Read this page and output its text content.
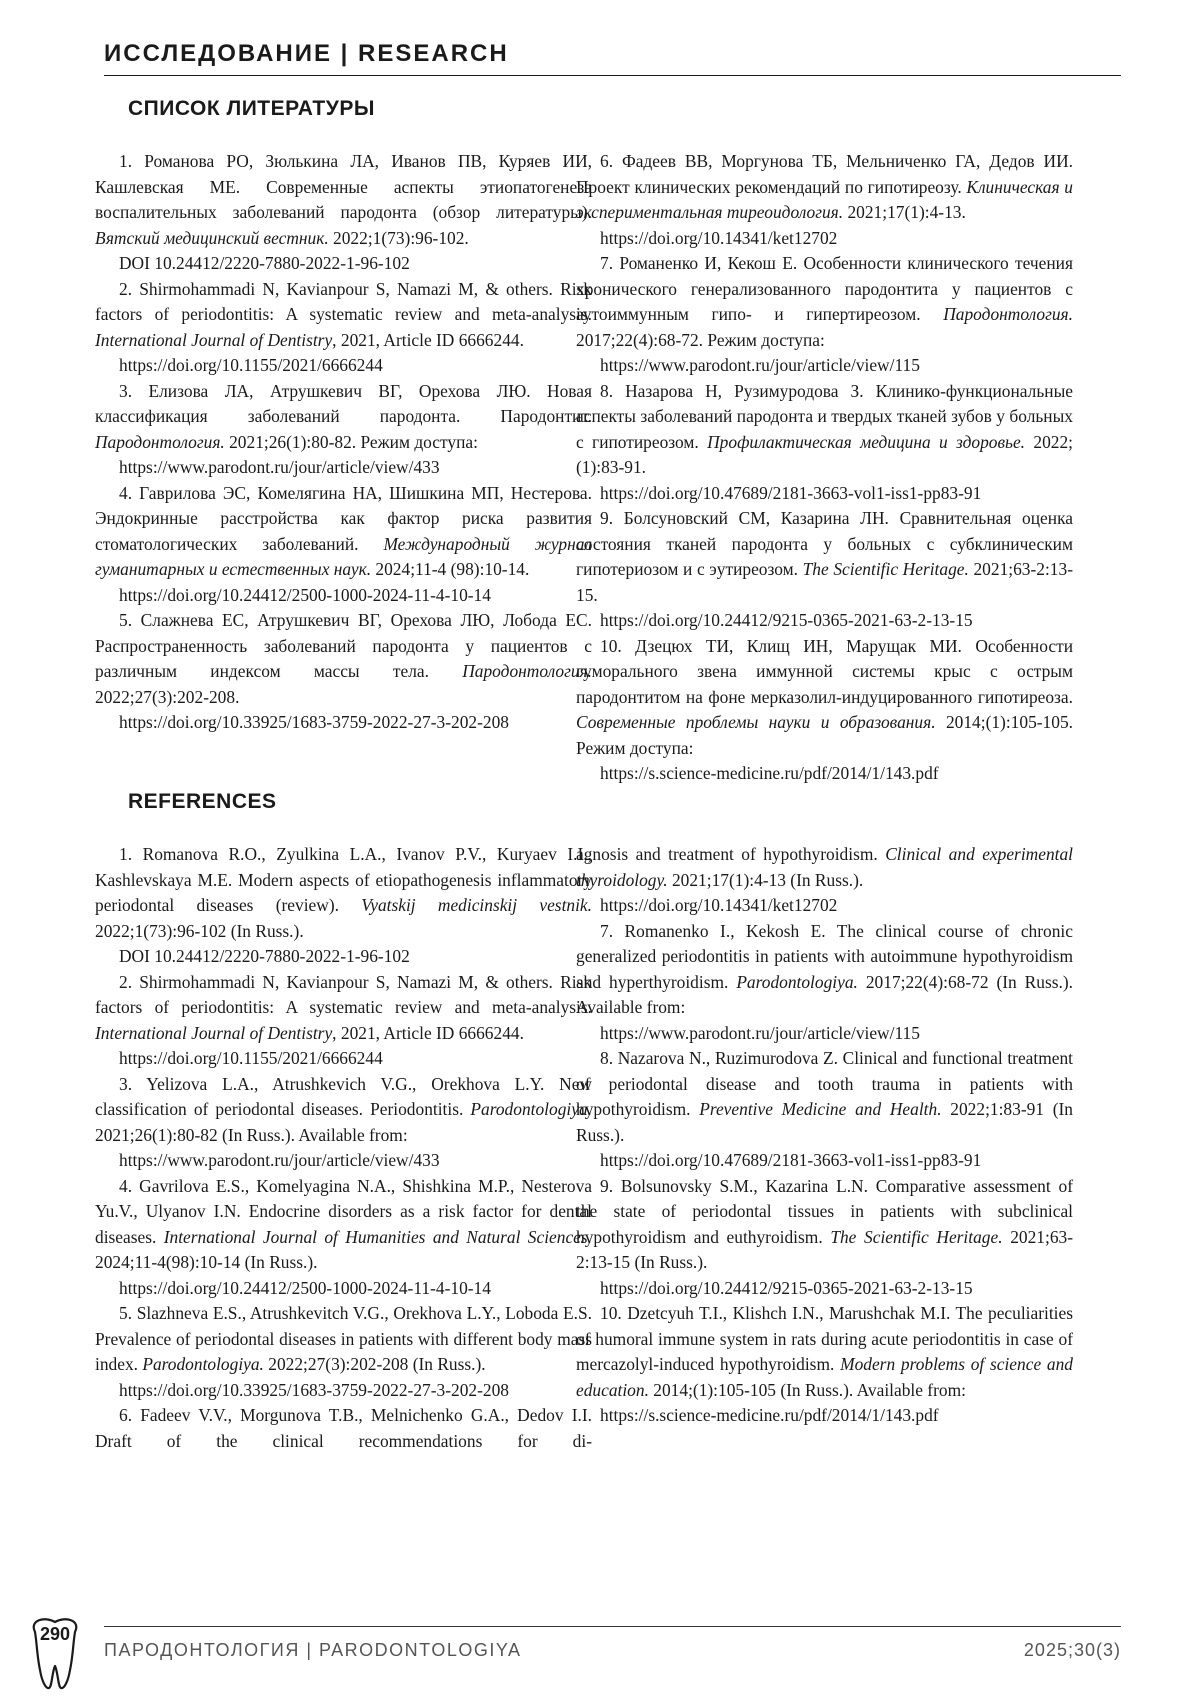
ИССЛЕДОВАНИЕ | RESEARCH
СПИСОК ЛИТЕРАТУРЫ

1. Романова РО, Зюлькина ЛА, Иванов ПВ, Куряев ИИ, Кашлевская МЕ. Современные аспекты этиопатогенеза воспалительных заболеваний пародонта (обзор литературы). Вятский медицинский вестник. 2022;1(73):96-102.

DOI 10.24412/2220-7880-2022-1-96-102

2. Shirmohammadi N, Kavianpour S, Namazi M, & others. Risk factors of periodontitis: A systematic review and meta-analysis. International Journal of Dentistry, 2021, Article ID 6666244.

https://doi.org/10.1155/2021/6666244

3. Елизова ЛА, Атрушкевич ВГ, Орехова ЛЮ. Новая классификация заболеваний пародонта. Пародонтит. Пародонтология. 2021;26(1):80-82. Режим доступа:

https://www.parodont.ru/jour/article/view/433

4. Гаврилова ЭС, Комелягина НА, Шишкина МП, Нестерова. Эндокринные расстройства как фактор риска развития стоматологических заболеваний. Международный журнал гуманитарных и естественных наук. 2024;11-4 (98):10-14.

https://doi.org/10.24412/2500-1000-2024-11-4-10-14

5. Слажнева ЕС, Атрушкевич ВГ, Орехова ЛЮ, Лобода ЕС. Распространенность заболеваний пародонта у пациентов с различным индексом массы тела. Пародонтология. 2022;27(3):202-208.

https://doi.org/10.33925/1683-3759-2022-27-3-202-208

6. Фадеев ВВ, Моргунова ТБ, Мельниченко ГА, Дедов ИИ. Проект клинических рекомендаций по гипотиреозу. Клиническая и экспериментальная тиреоидология. 2021;17(1):4-13.

https://doi.org/10.14341/ket12702

7. Романенко И, Кекош Е. Особенности клинического течения хронического генерализованного пародонтита у пациентов с аутоиммунным гипо- и гипертиреозом. Пародонтология. 2017;22(4):68-72. Режим доступа:

https://www.parodont.ru/jour/article/view/115

8. Назарова Н, Рузимуродова З. Клинико-функциональные аспекты заболеваний пародонта и твердых тканей зубов у больных с гипотиреозом. Профилактическая медицина и здоровье. 2022;(1):83-91.

https://doi.org/10.47689/2181-3663-vol1-iss1-pp83-91

9. Болсуновский СМ, Казарина ЛН. Сравнительная оценка состояния тканей пародонта у больных с субклиническим гипотериозом и с эутиреозом. The Scientific Heritage. 2021;63-2:13-15.

https://doi.org/10.24412/9215-0365-2021-63-2-13-15

10. Дзецюх ТИ, Клищ ИН, Марущак МИ. Особенности гуморального звена иммунной системы крыс с острым пародонтитом на фоне мерказолил-индуцированного гипотиреоза. Современные проблемы науки и образования. 2014;(1):105-105. Режим доступа:

https://s.science-medicine.ru/pdf/2014/1/143.pdf

REFERENCES

1. Romanova R.O., Zyulkina L.A., Ivanov P.V., Kuryaev I.I., Kashlevskaya M.E. Modern aspects of etiopathogenesis inflammatory periodontal diseases (review). Vyatskij medicinskij vestnik. 2022;1(73):96-102 (In Russ.).

DOI 10.24412/2220-7880-2022-1-96-102

2. Shirmohammadi N, Kavianpour S, Namazi M, & others. Risk factors of periodontitis: A systematic review and meta-analysis. International Journal of Dentistry, 2021, Article ID 6666244.

https://doi.org/10.1155/2021/6666244

3. Yelizova L.A., Atrushkevich V.G., Orekhova L.Y. New classification of periodontal diseases. Periodontitis. Parodontologiya. 2021;26(1):80-82 (In Russ.). Available from:

https://www.parodont.ru/jour/article/view/433

4. Gavrilova E.S., Komelyagina N.A., Shishkina M.P., Nesterova Yu.V., Ulyanov I.N. Endocrine disorders as a risk factor for dental diseases. International Journal of Humanities and Natural Sciences. 2024;11-4(98):10-14 (In Russ.).

https://doi.org/10.24412/2500-1000-2024-11-4-10-14

5. Slazhneva E.S., Atrushkevitch V.G., Orekhova L.Y., Loboda E.S. Prevalence of periodontal diseases in patients with different body mass index. Parodontologiya. 2022;27(3):202-208 (In Russ.).

https://doi.org/10.33925/1683-3759-2022-27-3-202-208

6. Fadeev V.V., Morgunova T.B., Melnichenko G.A., Dedov I.I. Draft of the clinical recommendations for di-

agnosis and treatment of hypothyroidism. Clinical and experimental thyroidology. 2021;17(1):4-13 (In Russ.).

https://doi.org/10.14341/ket12702

7. Romanenko I., Kekosh E. The clinical course of chronic generalized periodontitis in patients with autoimmune hypothyroidism and hyperthyroidism. Parodontologiya. 2017;22(4):68-72 (In Russ.). Available from:

https://www.parodont.ru/jour/article/view/115

8. Nazarova N., Ruzimurodova Z. Clinical and functional treatment of periodontal disease and tooth trauma in patients with hypothyroidism. Preventive Medicine and Health. 2022;1:83-91 (In Russ.).

https://doi.org/10.47689/2181-3663-vol1-iss1-pp83-91

9. Bolsunovsky S.M., Kazarina L.N. Comparative assessment of the state of periodontal tissues in patients with subclinical hypothyroidism and euthyroidism. The Scientific Heritage. 2021;63-2:13-15 (In Russ.).

https://doi.org/10.24412/9215-0365-2021-63-2-13-15

10. Dzetcyuh T.I., Klishch I.N., Marushchak M.I. The peculiarities of humoral immune system in rats during acute periodontitis in case of mercazolyl-induced hypothyroidism. Modern problems of science and education. 2014;(1):105-105 (In Russ.). Available from:

https://s.science-medicine.ru/pdf/2014/1/143.pdf

290
ПАРОДОНТОЛОГИЯ | PARODONTOLOGIYA	2025;30(3)
